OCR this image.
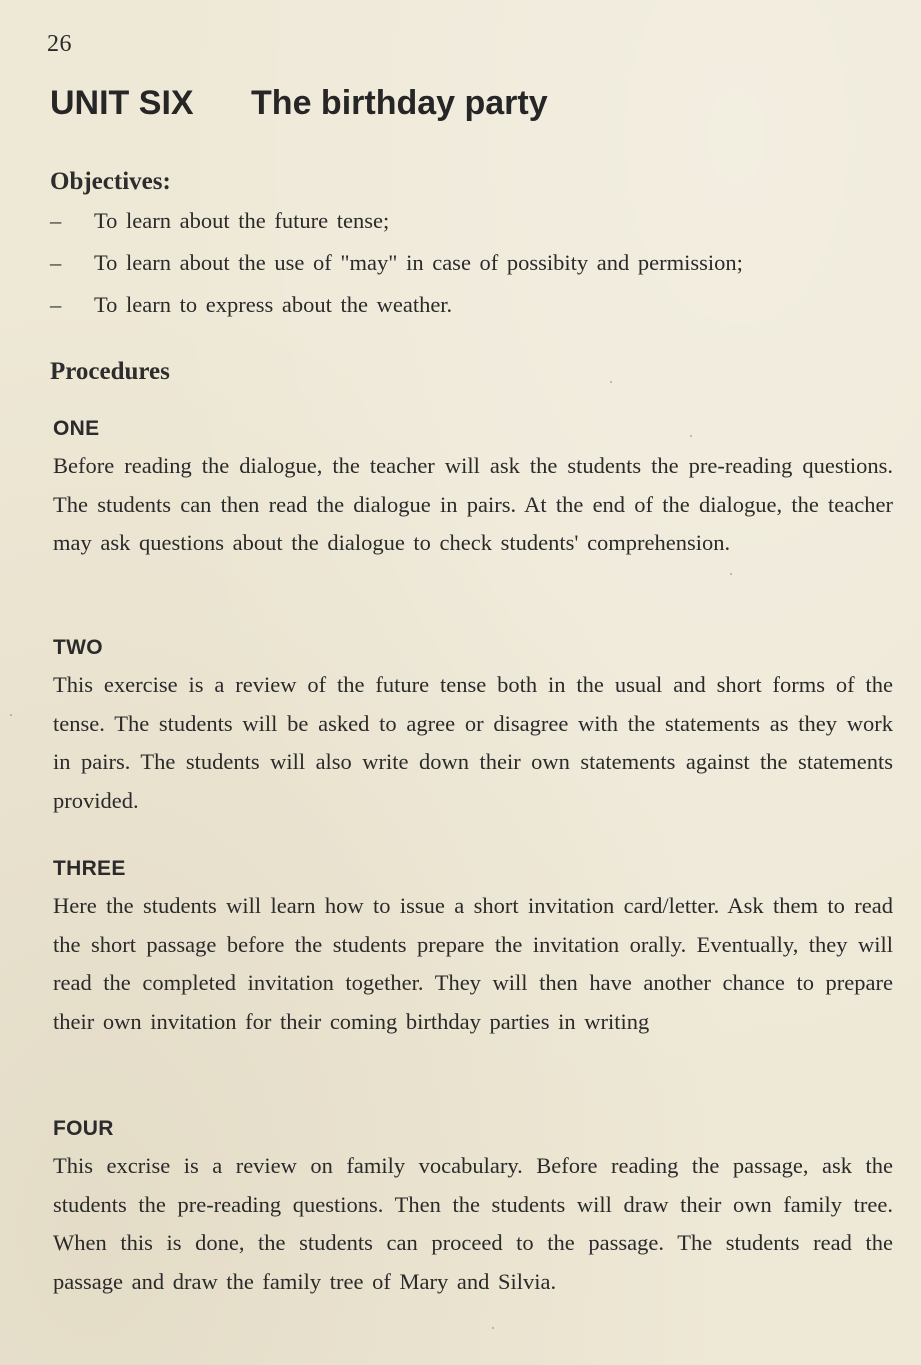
26
UNIT SIX The birthday party
Objectives:
– To learn about the future tense;
– To learn about the use of "may" in case of possibity and permission;
– To learn to express about the weather.
Procedures
ONE

Before reading the dialogue, the teacher will ask the students the pre-reading questions. The students can then read the dialogue in pairs. At the end of the dialogue, the teacher may ask questions about the dialogue to check students' comprehension.

TWO

This exercise is a review of the future tense both in the usual and short forms of the tense. The students will be asked to agree or disagree with the statements as they work in pairs. The students will also write down their own statements against the statements provided.

THREE

Here the students will learn how to issue a short invitation card/letter. Ask them to read the short passage before the students prepare the invitation orally. Eventually, they will read the completed invitation together. They will then have another chance to prepare their own invitation for their coming birthday parties in writing

FOUR

This excrise is a review on family vocabulary. Before reading the passage, ask the students the pre-reading questions. Then the students will draw their own family tree. When this is done, the students can proceed to the passage. The students read the passage and draw the family tree of Mary and Silvia.
